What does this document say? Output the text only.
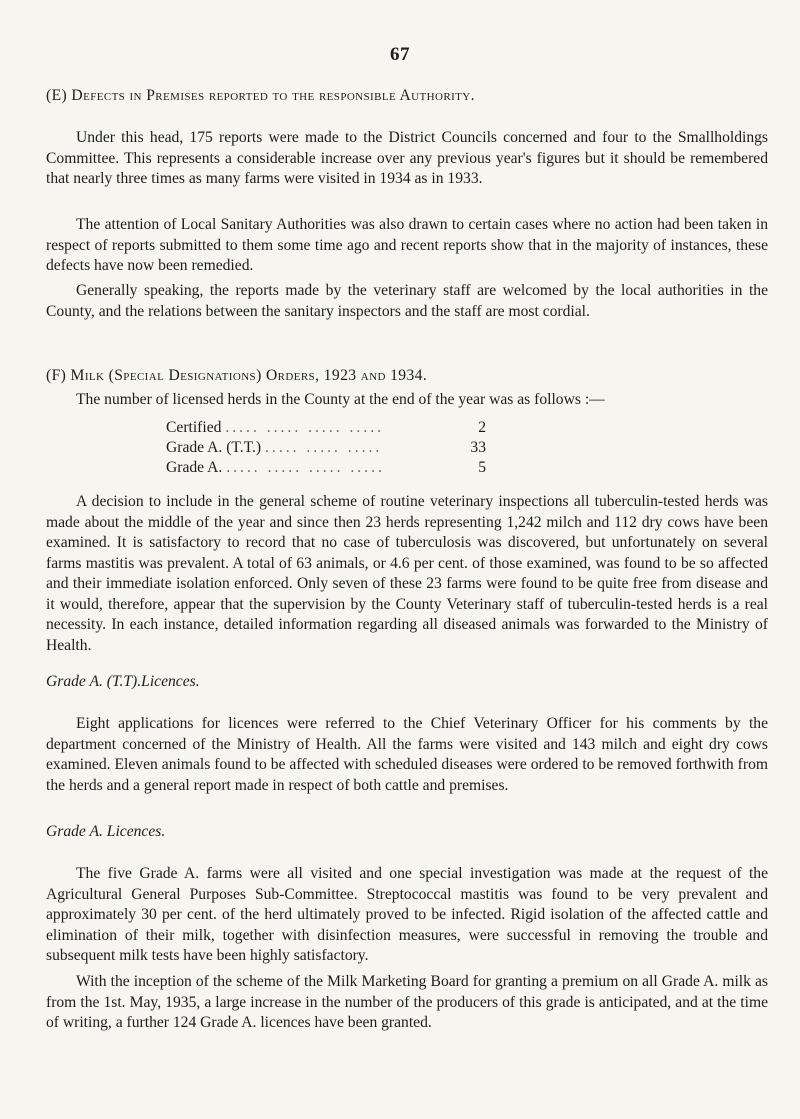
67
(E) Defects in Premises reported to the responsible Authority.

Under this head, 175 reports were made to the District Councils concerned and four to the Smallholdings Committee. This represents a considerable increase over any previous year's figures but it should be remembered that nearly three times as many farms were visited in 1934 as in 1933.

The attention of Local Sanitary Authorities was also drawn to certain cases where no action had been taken in respect of reports submitted to them some time ago and recent reports show that in the majority of instances, these defects have now been remedied.

Generally speaking, the reports made by the veterinary staff are welcomed by the local authorities in the County, and the relations between the sanitary inspectors and the staff are most cordial.

(F) Milk (Special Designations) Orders, 1923 and 1934.

The number of licensed herds in the County at the end of the year was as follows :—

Certified ..... ..... ..... .....	2
Grade A. (T.T.) ..... ..... .....	33
Grade A. ..... ..... ..... .....	5

A decision to include in the general scheme of routine veterinary inspections all tuberculin-tested herds was made about the middle of the year and since then 23 herds representing 1,242 milch and 112 dry cows have been examined. It is satisfactory to record that no case of tuberculosis was discovered, but unfortunately on several farms mastitis was prevalent. A total of 63 animals, or 4.6 per cent. of those examined, was found to be so affected and their immediate isolation enforced. Only seven of these 23 farms were found to be quite free from disease and it would, therefore, appear that the supervision by the County Veterinary staff of tuberculin-tested herds is a real necessity. In each instance, detailed information regarding all diseased animals was forwarded to the Ministry of Health.

Grade A. (T.T).Licences.

Eight applications for licences were referred to the Chief Veterinary Officer for his comments by the department concerned of the Ministry of Health. All the farms were visited and 143 milch and eight dry cows examined. Eleven animals found to be affected with scheduled diseases were ordered to be removed forthwith from the herds and a general report made in respect of both cattle and premises.

Grade A. Licences.

The five Grade A. farms were all visited and one special investigation was made at the request of the Agricultural General Purposes Sub-Committee. Streptococcal mastitis was found to be very prevalent and approximately 30 per cent. of the herd ultimately proved to be infected. Rigid isolation of the affected cattle and elimination of their milk, together with disinfection measures, were successful in removing the trouble and subsequent milk tests have been highly satisfactory.

With the inception of the scheme of the Milk Marketing Board for granting a premium on all Grade A. milk as from the 1st. May, 1935, a large increase in the number of the producers of this grade is anticipated, and at the time of writing, a further 124 Grade A. licences have been granted.
